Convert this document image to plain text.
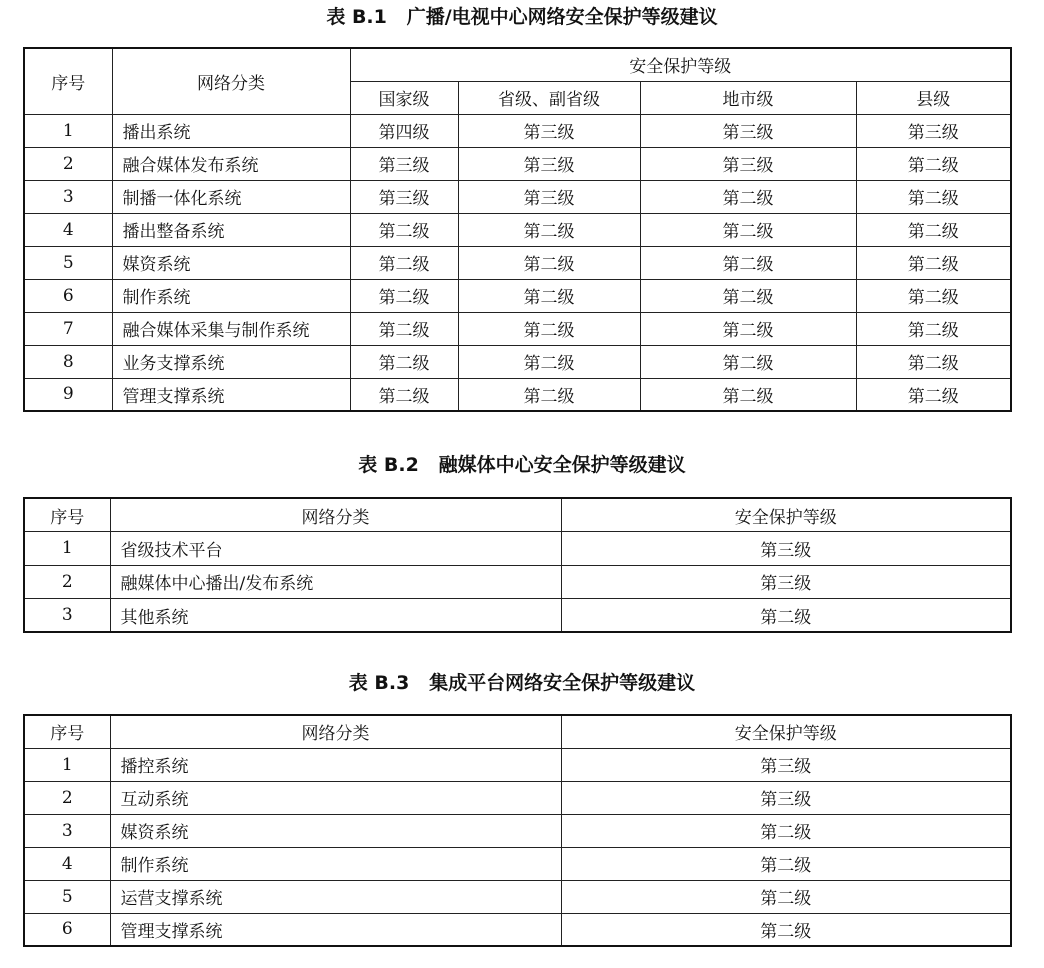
表 B.1   广播/电视中心网络安全保护等级建议
序号	网络分类	安全保护等级			
		国家级	省级、副省级	地市级	县级
1	播出系统	第四级	第三级	第三级	第三级
2	融合媒体发布系统	第三级	第三级	第三级	第二级
3	制播一体化系统	第三级	第三级	第二级	第二级
4	播出整备系统	第二级	第二级	第二级	第二级
5	媒资系统	第二级	第二级	第二级	第二级
6	制作系统	第二级	第二级	第二级	第二级
7	融合媒体采集与制作系统	第二级	第二级	第二级	第二级
8	业务支撑系统	第二级	第二级	第二级	第二级
9	管理支撑系统	第二级	第二级	第二级	第二级
表 B.2   融媒体中心安全保护等级建议
序号	网络分类	安全保护等级
1	省级技术平台	第三级
2	融媒体中心播出/发布系统	第三级
3	其他系统	第二级
表 B.3   集成平台网络安全保护等级建议
序号	网络分类	安全保护等级
1	播控系统	第三级
2	互动系统	第三级
3	媒资系统	第二级
4	制作系统	第二级
5	运营支撑系统	第二级
6	管理支撑系统	第二级
